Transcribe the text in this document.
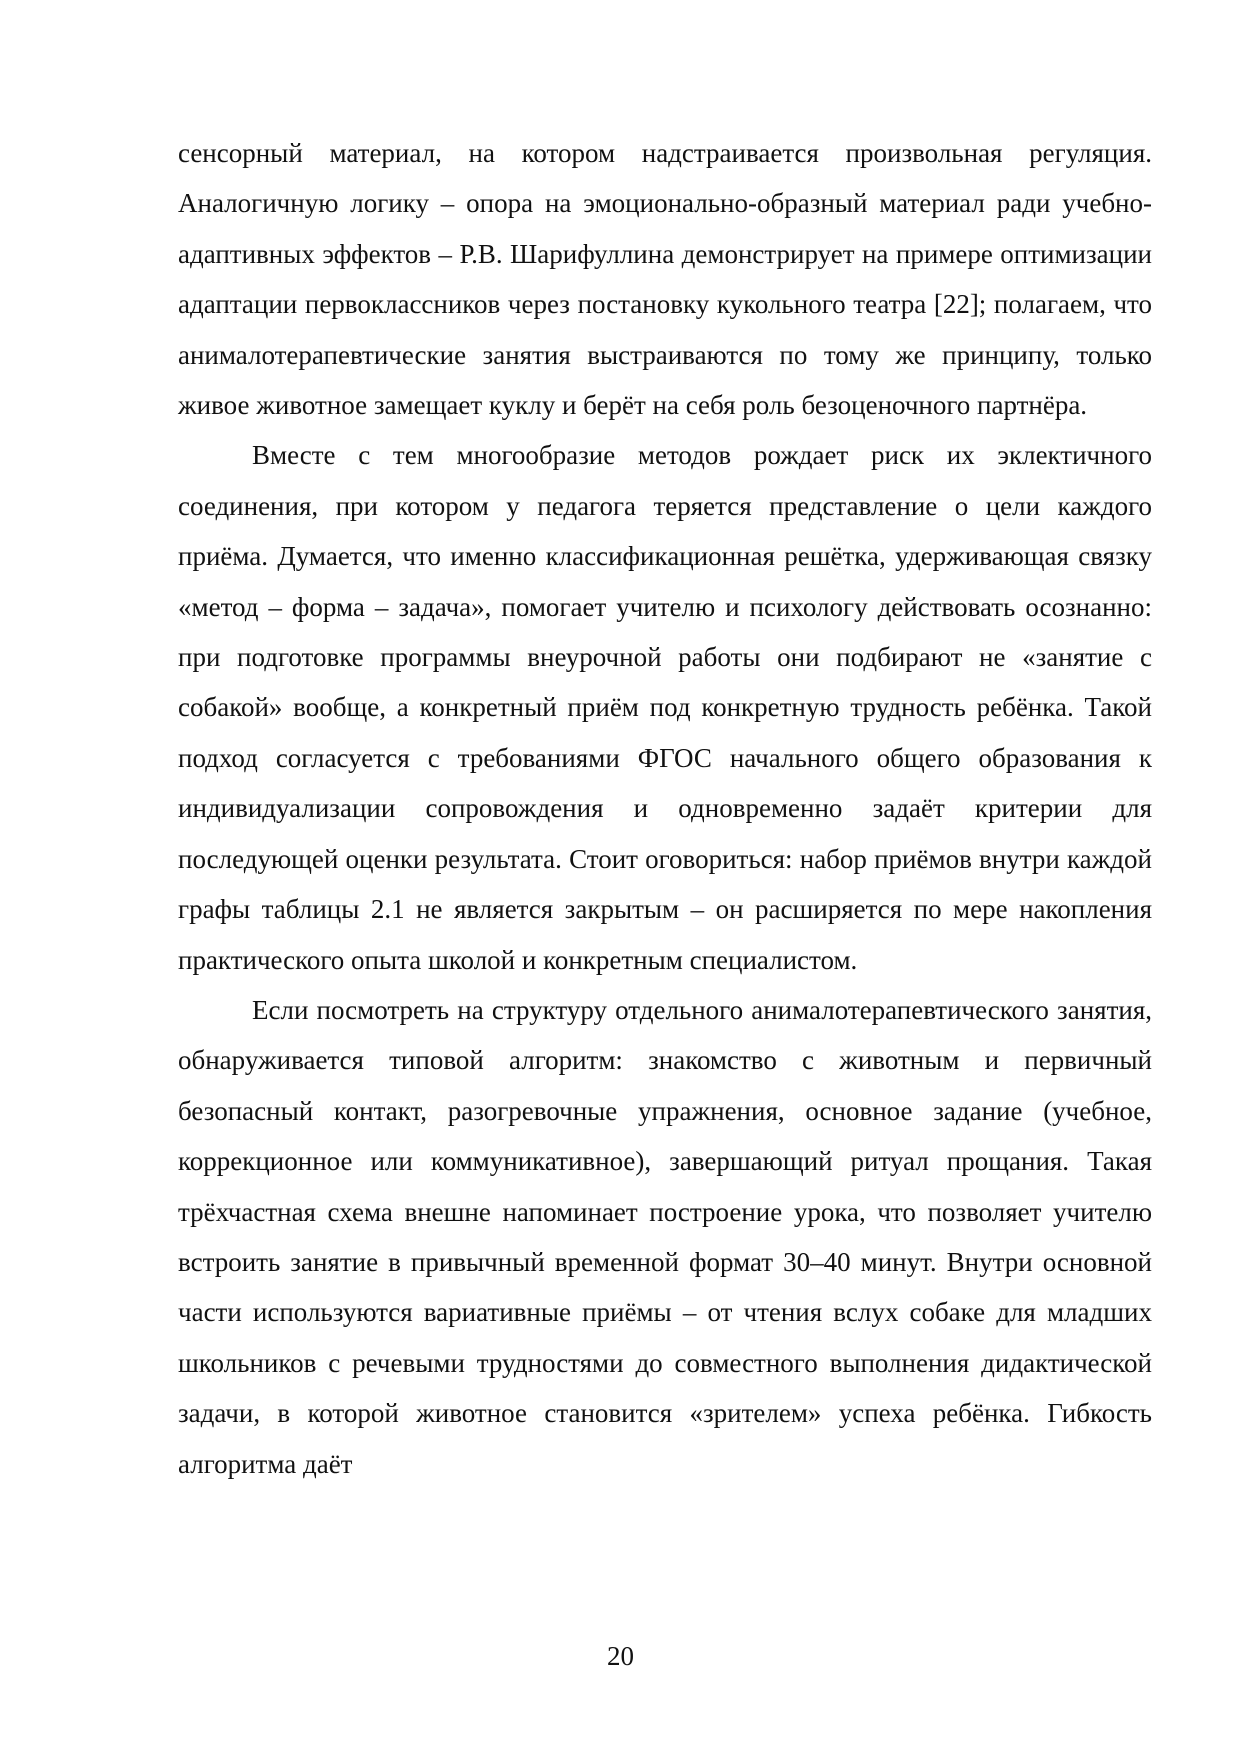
сенсорный материал, на котором надстраивается произвольная регуляция. Аналогичную логику – опора на эмоционально-образный материал ради учебно-адаптивных эффектов – Р.В. Шарифуллина демонстрирует на примере оптимизации адаптации первоклассников через постановку кукольного театра [22]; полагаем, что анималотерапевтические занятия выстраиваются по тому же принципу, только живое животное замещает куклу и берёт на себя роль безоценочного партнёра.

Вместе с тем многообразие методов рождает риск их эклектичного соединения, при котором у педагога теряется представление о цели каждого приёма. Думается, что именно классификационная решётка, удерживающая связку «метод – форма – задача», помогает учителю и психологу действовать осознанно: при подготовке программы внеурочной работы они подбирают не «занятие с собакой» вообще, а конкретный приём под конкретную трудность ребёнка. Такой подход согласуется с требованиями ФГОС начального общего образования к индивидуализации сопровождения и одновременно задаёт критерии для последующей оценки результата. Стоит оговориться: набор приёмов внутри каждой графы таблицы 2.1 не является закрытым – он расширяется по мере накопления практического опыта школой и конкретным специалистом.

Если посмотреть на структуру отдельного анималотерапевтического занятия, обнаруживается типовой алгоритм: знакомство с животным и первичный безопасный контакт, разогревочные упражнения, основное задание (учебное, коррекционное или коммуникативное), завершающий ритуал прощания. Такая трёхчастная схема внешне напоминает построение урока, что позволяет учителю встроить занятие в привычный временной формат 30–40 минут. Внутри основной части используются вариативные приёмы – от чтения вслух собаке для младших школьников с речевыми трудностями до совместного выполнения дидактической задачи, в которой животное становится «зрителем» успеха ребёнка. Гибкость алгоритма даёт

20
